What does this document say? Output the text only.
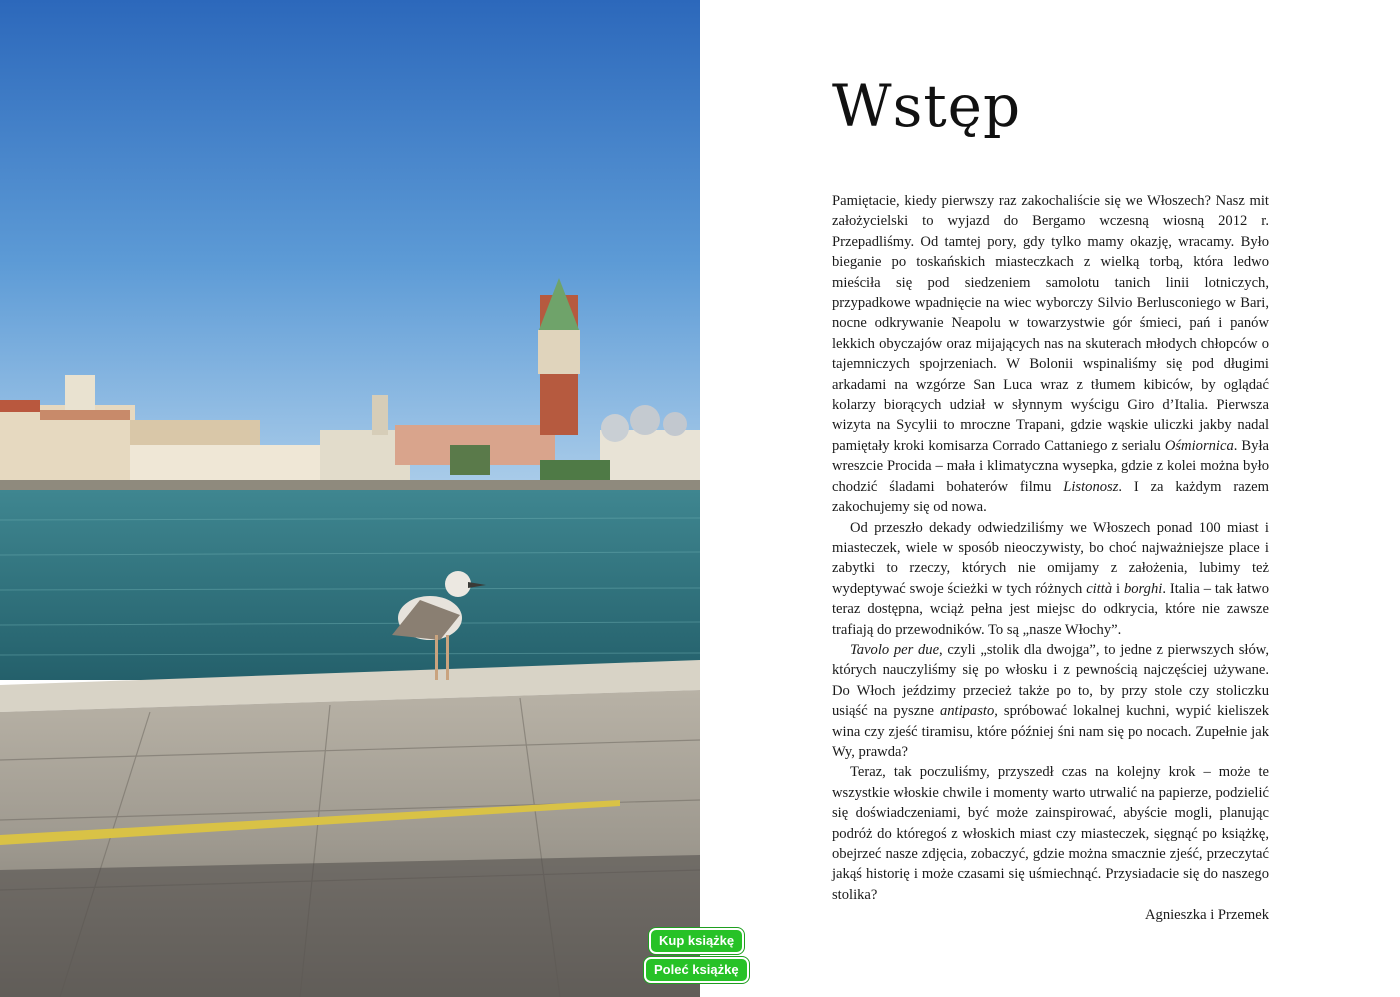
Wstęp

Pamiętacie, kiedy pierwszy raz zakochaliście się we Włoszech? Nasz mit założycielski to wyjazd do Bergamo wczesną wiosną 2012 r. Przepadliśmy. Od tamtej pory, gdy tylko mamy okazję, wracamy. Było bieganie po toskańskich miasteczkach z wielką torbą, która ledwo mieściła się pod siedzeniem samolotu tanich linii lotniczych, przypadkowe wpadnięcie na wiec wyborczy Silvio Berlusconiego w Bari, nocne odkrywanie Neapolu w towarzystwie gór śmieci, pań i panów lekkich obyczajów oraz mijających nas na skuterach młodych chłopców o tajemniczych spojrzeniach. W Bolonii wspinaliśmy się pod długimi arkadami na wzgórze San Luca wraz z tłumem kibiców, by oglądać kolarzy biorących udział w słynnym wyścigu Giro d’Italia. Pierwsza wizyta na Sycylii to mroczne Trapani, gdzie wąskie uliczki jakby nadal pamiętały kroki komisarza Corrado Cattaniego z serialu Ośmiornica. Była wreszcie Procida – mała i klimatyczna wysepka, gdzie z kolei można było chodzić śladami bohaterów filmu Listonosz. I za każdym razem zakochujemy się od nowa.

Od przeszło dekady odwiedziliśmy we Włoszech ponad 100 miast i miasteczek, wiele w sposób nieoczywisty, bo choć najważniejsze place i zabytki to rzeczy, których nie omijamy z założenia, lubimy też wydeptywać swoje ścieżki w tych różnych città i borghi. Italia – tak łatwo teraz dostępna, wciąż pełna jest miejsc do odkrycia, które nie zawsze trafiają do przewodników. To są „nasze Włochy”.

Tavolo per due, czyli „stolik dla dwojga”, to jedne z pierwszych słów, których nauczyliśmy się po włosku i z pewnością najczęściej używane. Do Włoch jeździmy przecież także po to, by przy stole czy stoliczku usiąść na pyszne antipasto, spróbować lokalnej kuchni, wypić kieliszek wina czy zjeść tiramisu, które później śni nam się po nocach. Zupełnie jak Wy, prawda?

Teraz, tak poczuliśmy, przyszedł czas na kolejny krok – może te wszystkie włoskie chwile i momenty warto utrwalić na papierze, podzielić się doświadczeniami, być może zainspirować, abyście mogli, planując podróż do któregoś z włoskich miast czy miasteczek, sięgnąć po książkę, obejrzeć nasze zdjęcia, zobaczyć, gdzie można smacznie zjeść, przeczytać jakąś historię i może czasami się uśmiechnąć. Przysiadacie się do naszego stolika?

Agnieszka i Przemek

Kup książkę
Poleć książkę
